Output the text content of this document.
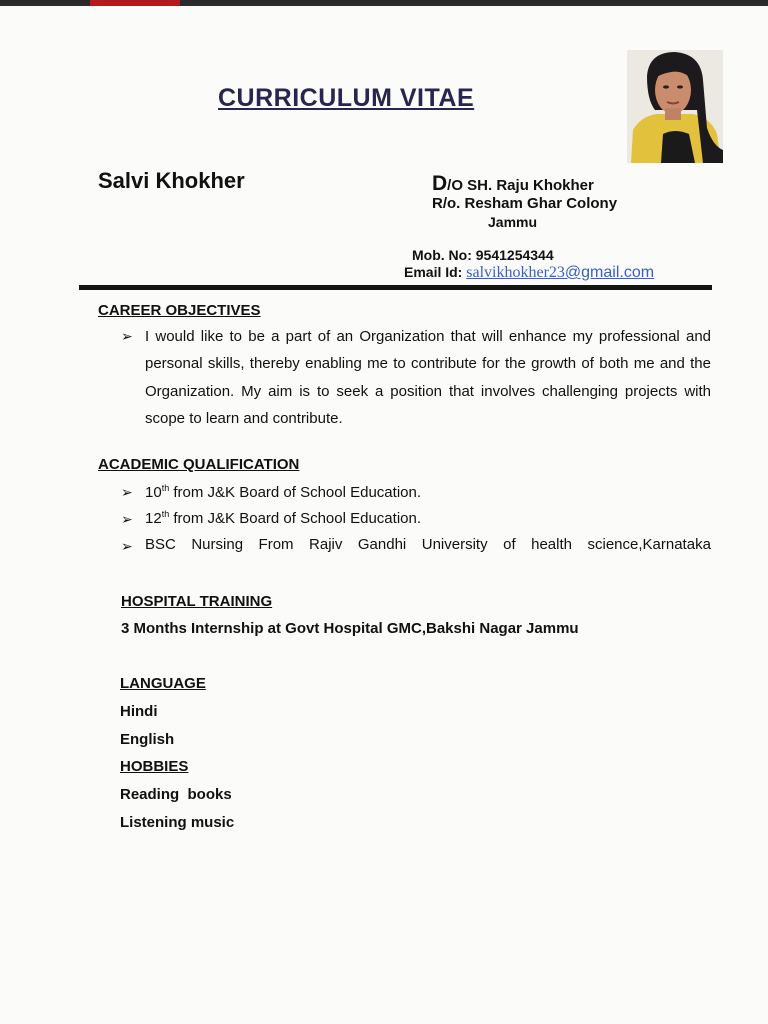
CURRICULUM VITAE
Salvi Khokher	D/O SH. Raju Khokher
R/o. Resham Ghar Colony
Jammu
Mob. No: 9541254344
Email Id: salvikhokher23@gmail.com
CAREER OBJECTIVES
➢ I would like to be a part of an Organization that will enhance my professional and personal skills, thereby enabling me to contribute for the growth of both me and the Organization. My aim is to seek a position that involves challenging projects with scope to learn and contribute.
ACADEMIC QUALIFICATION
➢ 10th from J&K Board of School Education.
➢ 12th from J&K Board of School Education.
➢ BSC Nursing From Rajiv Gandhi University of health science,Karnataka
HOSPITAL TRAINING
3 Months Internship at Govt Hospital GMC,Bakshi Nagar Jammu
LANGUAGE
Hindi
English
HOBBIES
Reading  books
Listening music
